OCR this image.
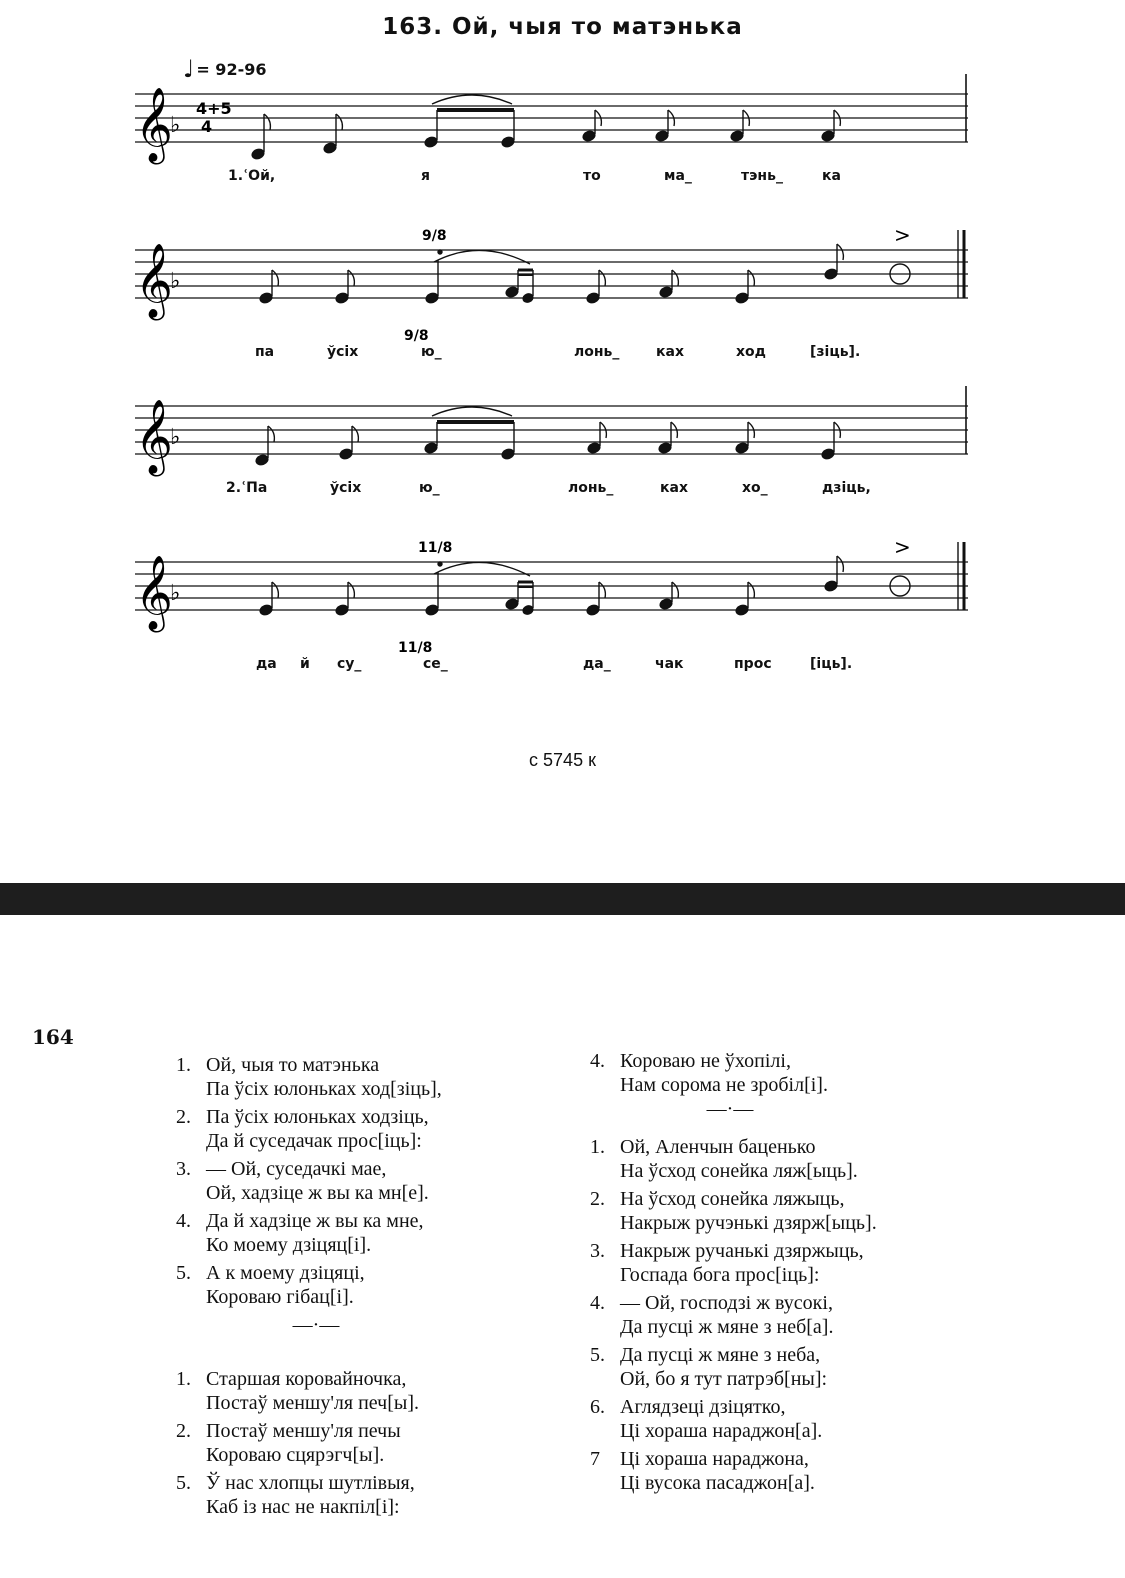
163. Ой, чыя то матэнька
♩ = 92-96
𝄞
♭
4+5
4
1.ʿОй,	я	то	ма_	тэнь_	ка
𝄞
♭
9/8
9/8
>
па	ўсіх	ю_	лонь_	ках	ход	[зіць].
𝄞
♭
2.ʿПа	ўсіх	ю_	лонь_	ках	хо_	дзіць,
𝄞
♭
11/8
11/8
>
да й су_	се_	да_	чак	прос	[іць].
с 5745 к
164
1. Ой, чыя то матэнька
Па ўсіх юлоньках ход[зіць],
2. Па ўсіх юлоньках ходзіць,
Да й суседачак прос[іць]:
3. — Ой, суседачкі мае,
Ой, хадзіце ж вы ка мн[е].
4. Да й хадзіце ж вы ка мне,
Ко моему дзіцяц[і].
5. А к моему дзіцяці,
Короваю гібац[і].
—·—
1. Старшая коровайночка,
Постаў меншу'ля печ[ы].
2. Постаў меншу'ля печы
Короваю сцярэгч[ы].
5. Ў нас хлопцы шутлівыя,
Каб із нас не накпіл[і]:
4. Короваю не ўхопілі,
Нам сорома не зробіл[і].
—·—
1. Ой, Аленчын баценько
На ўсход сонейка ляж[ыць].
2. На ўсход сонейка ляжыць,
Накрыж ручэнькі дзярж[ыць].
3. Накрыж ручанькі дзяржыць,
Госпада бога прос[іць]:
4. — Ой, господзі ж вусокі,
Да пусці ж мяне з неб[а].
5. Да пусці ж мяне з неба,
Ой, бо я тут патрэб[ны]:
6. Аглядзеці дзіцятко,
Ці хораша нараджон[а].
7	Ці хораша нараджона,
Ці вусока пасаджон[а].
